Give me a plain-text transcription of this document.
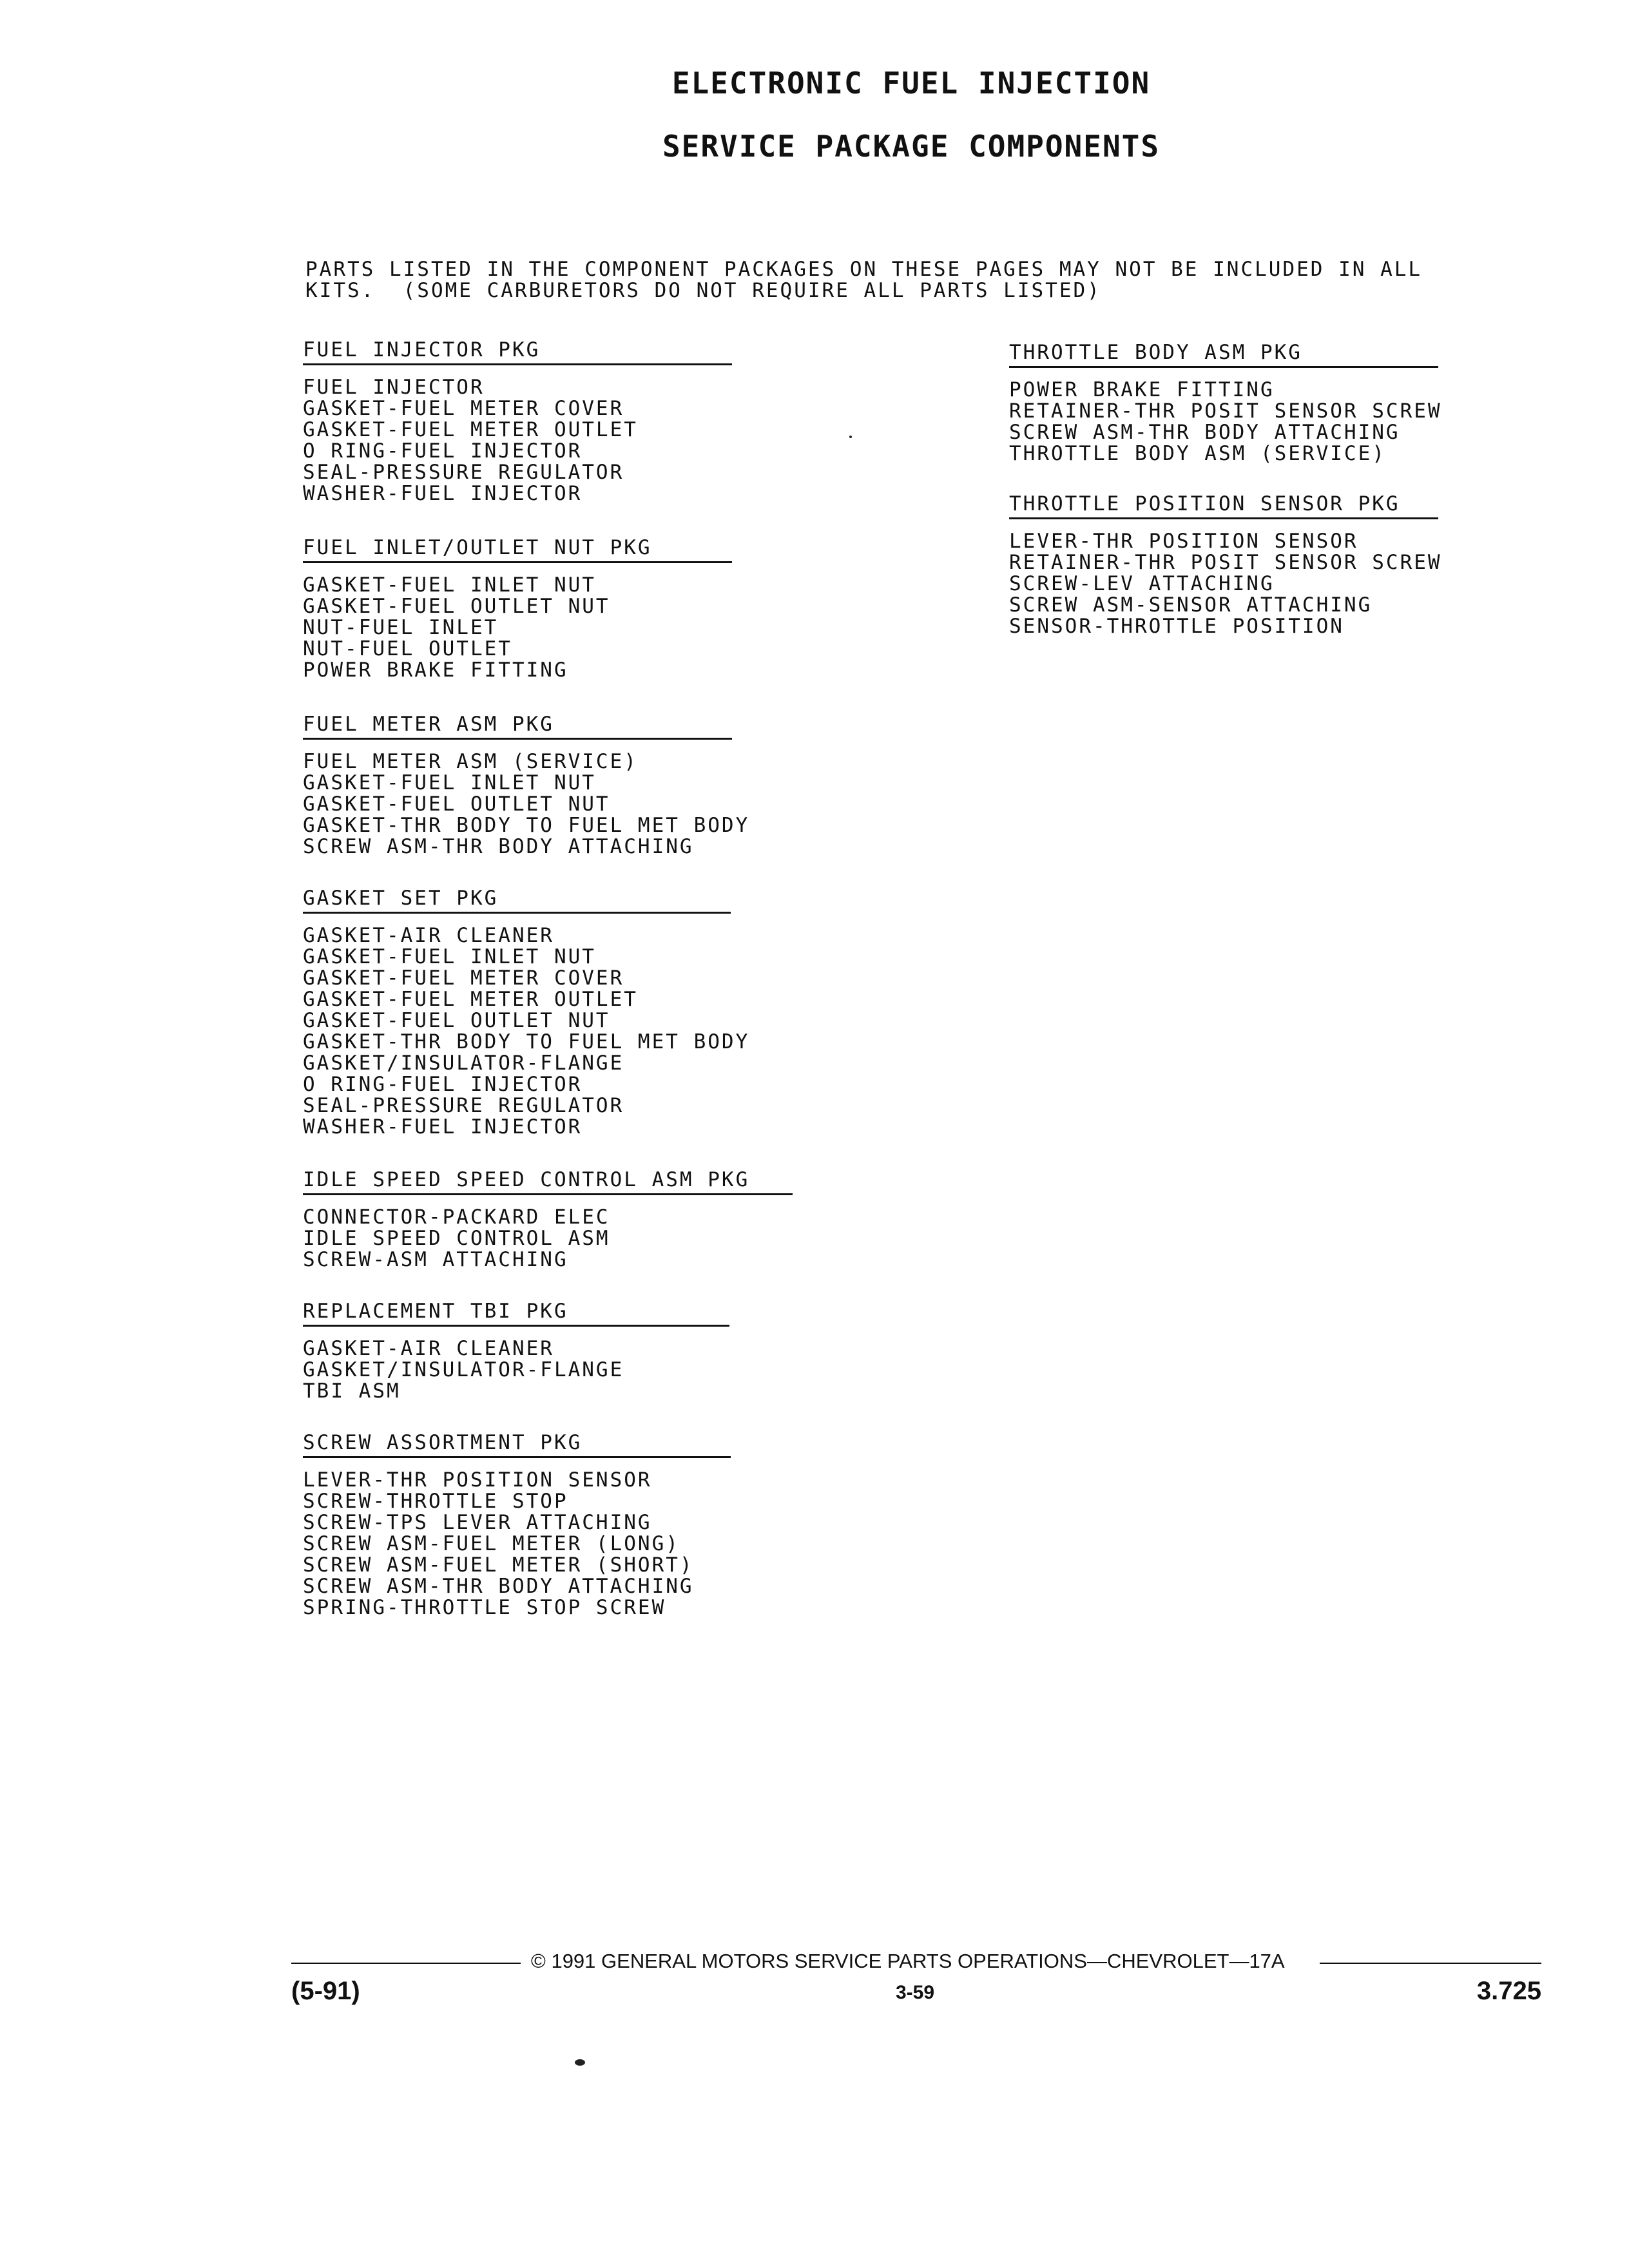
ELECTRONIC FUEL INJECTION
SERVICE PACKAGE COMPONENTS
PARTS LISTED IN THE COMPONENT PACKAGES ON THESE PAGES MAY NOT BE INCLUDED IN ALL
KITS.  (SOME CARBURETORS DO NOT REQUIRE ALL PARTS LISTED)
FUEL INJECTOR PKG
FUEL INJECTOR
GASKET-FUEL METER COVER
GASKET-FUEL METER OUTLET
O RING-FUEL INJECTOR
SEAL-PRESSURE REGULATOR
WASHER-FUEL INJECTOR
FUEL INLET/OUTLET NUT PKG
GASKET-FUEL INLET NUT
GASKET-FUEL OUTLET NUT
NUT-FUEL INLET
NUT-FUEL OUTLET
POWER BRAKE FITTING
FUEL METER ASM PKG
FUEL METER ASM (SERVICE)
GASKET-FUEL INLET NUT
GASKET-FUEL OUTLET NUT
GASKET-THR BODY TO FUEL MET BODY
SCREW ASM-THR BODY ATTACHING
GASKET SET PKG
GASKET-AIR CLEANER
GASKET-FUEL INLET NUT
GASKET-FUEL METER COVER
GASKET-FUEL METER OUTLET
GASKET-FUEL OUTLET NUT
GASKET-THR BODY TO FUEL MET BODY
GASKET/INSULATOR-FLANGE
O RING-FUEL INJECTOR
SEAL-PRESSURE REGULATOR
WASHER-FUEL INJECTOR
IDLE SPEED SPEED CONTROL ASM PKG
CONNECTOR-PACKARD ELEC
IDLE SPEED CONTROL ASM
SCREW-ASM ATTACHING
REPLACEMENT TBI PKG
GASKET-AIR CLEANER
GASKET/INSULATOR-FLANGE
TBI ASM
SCREW ASSORTMENT PKG
LEVER-THR POSITION SENSOR
SCREW-THROTTLE STOP
SCREW-TPS LEVER ATTACHING
SCREW ASM-FUEL METER (LONG)
SCREW ASM-FUEL METER (SHORT)
SCREW ASM-THR BODY ATTACHING
SPRING-THROTTLE STOP SCREW
THROTTLE BODY ASM PKG
POWER BRAKE FITTING
RETAINER-THR POSIT SENSOR SCREW
SCREW ASM-THR BODY ATTACHING
THROTTLE BODY ASM (SERVICE)
THROTTLE POSITION SENSOR PKG
LEVER-THR POSITION SENSOR
RETAINER-THR POSIT SENSOR SCREW
SCREW-LEV ATTACHING
SCREW ASM-SENSOR ATTACHING
SENSOR-THROTTLE POSITION
© 1991 GENERAL MOTORS SERVICE PARTS OPERATIONS—CHEVROLET—17A
(5-91)	3-59	3.725
